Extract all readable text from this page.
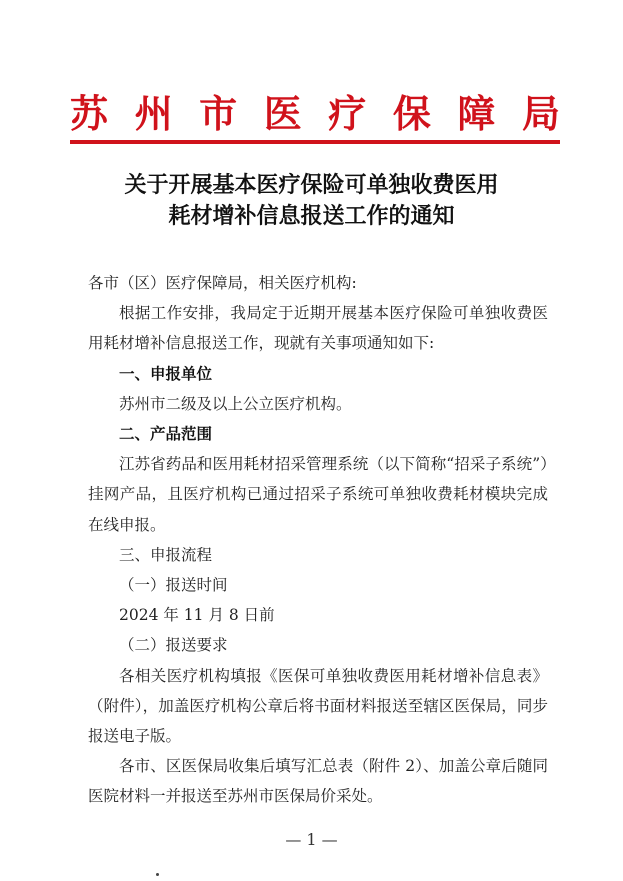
苏 州 市 医 疗 保 障 局
关于开展基本医疗保险可单独收费医用
耗材增补信息报送工作的通知

各市（区）医疗保障局，相关医疗机构:

根据工作安排，我局定于近期开展基本医疗保险可单独收费医用耗材增补信息报送工作，现就有关事项通知如下:

一、申报单位

苏州市二级及以上公立医疗机构。

二、产品范围

江苏省药品和医用耗材招采管理系统（以下简称“招采子系统”）挂网产品，且医疗机构已通过招采子系统可单独收费耗材模块完成在线申报。

三、申报流程

（一）报送时间

2024 年 11 月 8 日前

（二）报送要求

各相关医疗机构填报《医保可单独收费医用耗材增补信息表》（附件），加盖医疗机构公章后将书面材料报送至辖区医保局，同步报送电子版。

各市、区医保局收集后填写汇总表（附件 2）、加盖公章后随同医院材料一并报送至苏州市医保局价采处。

— 1 —
